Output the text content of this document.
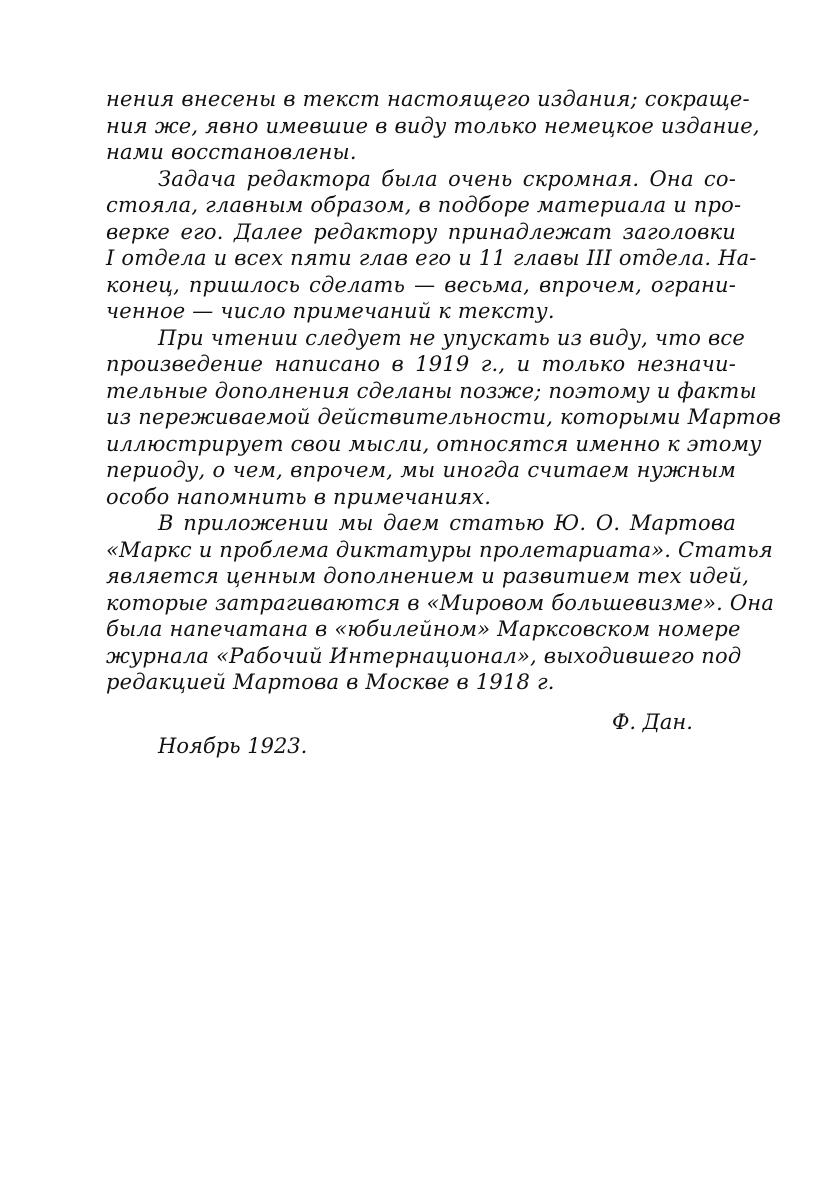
нения внесены в текст настоящего издания; сокраще-
ния же, явно имевшие в виду только немецкое издание,
нами восстановлены.
Задача редактора была очень скромная. Она со-
стояла, главным образом, в подборе материала и про-
верке его. Далее редактору принадлежат заголовки
I отдела и всех пяти глав его и 11 главы III отдела. На-
конец, пришлось сделать — весьма, впрочем, ограни-
ченное — число примечаний к тексту.
При чтении следует не упускать из виду, что все
произведение написано в 1919 г., и только незначи-
тельные дополнения сделаны позже; поэтому и факты
из переживаемой действительности, которыми Мартов
иллюстрирует свои мысли, относятся именно к этому
периоду, о чем, впрочем, мы иногда считаем нужным
особо напомнить в примечаниях.
В приложении мы даем статью Ю. О. Мартова
«Маркс и проблема диктатуры пролетариата». Статья
является ценным дополнением и развитием тех идей,
которые затрагиваются в «Мировом большевизме». Она
была напечатана в «юбилейном» Марксовском номере
журнала «Рабочий Интернационал», выходившего под
редакцией Мартова в Москве в 1918 г.
Ф. Дан.
Ноябрь 1923.
